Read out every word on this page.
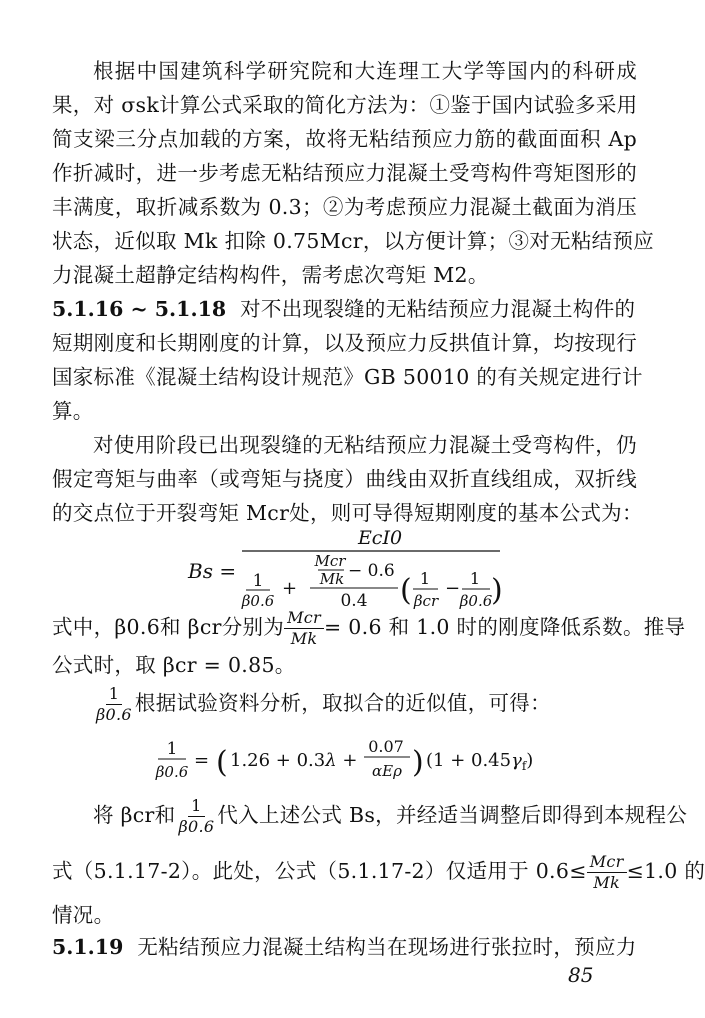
根据中国建筑科学研究院和大连理工大学等国内的科研成
果，对 σsk计算公式采取的简化方法为：①鉴于国内试验多采用
简支梁三分点加载的方案，故将无粘结预应力筋的截面面积 Ap
作折减时，进一步考虑无粘结预应力混凝土受弯构件弯矩图形的
丰满度，取折减系数为 0.3；②为考虑预应力混凝土截面为消压
状态，近似取 Mk 扣除 0.75Mcr，以方便计算；③对无粘结预应
力混凝土超静定结构构件，需考虑次弯矩 M2。
5.1.16 ~ 5.1.18 对不出现裂缝的无粘结预应力混凝土构件的
短期刚度和长期刚度的计算，以及预应力反拱值计算，均按现行
国家标准《混凝土结构设计规范》GB 50010 的有关规定进行计
算。
对使用阶段已出现裂缝的无粘结预应力混凝土受弯构件，仍
假定弯矩与曲率（或弯矩与挠度）曲线由双折直线组成，双折线
的交点位于开裂弯矩 Mcr处，则可导得短期刚度的基本公式为：
Bs =
EcI0
1
β0.6
+
Mcr
Mk − 0.6
0.4 ( 1
βcr
− 1
β0.6
)
式中，β0.6和 βcr分别为 $\frac{\text{Mcr}}{Mk} = 0.6$ 和 1.0 时的刚度降低系数。推导
公式时，取 βcr = 0.85。
$\frac{1}{\beta 0.6}$ 根据试验资料分析，取拟合的近似值，可得：
1
β0.6
= ( 1.26 + 0.3λ +
0.07
αEρ ) $(1 + 0.45\gamma_f)$
将 βcr和 $\frac{1}{\beta 0.6}$ 代入上述公式 Bs，并经适当调整后即得到本规程公
式（5.1.17-2）。此处，公式（5.1.17-2）仅适用于 $0.6\le \frac{\text{Mcr}}{Mk} \le 1.0$ 的
情况。
5.1.19 无粘结预应力混凝土结构当在现场进行张拉时，预应力
85
